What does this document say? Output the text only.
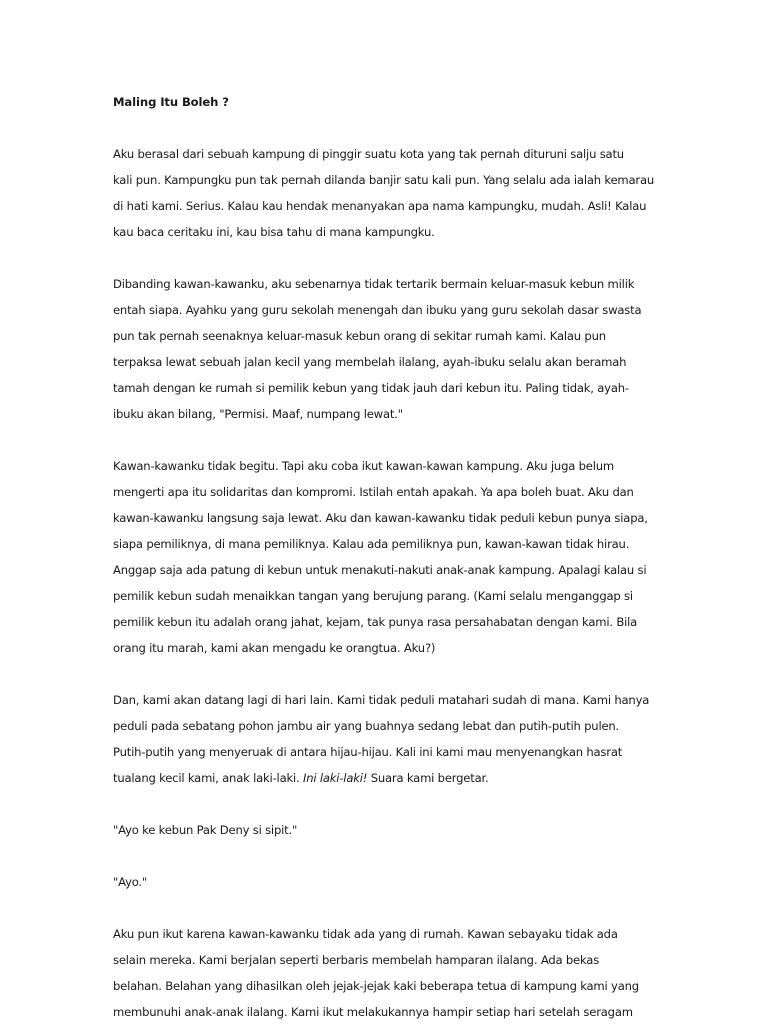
Maling Itu Boleh ?

Aku berasal dari sebuah kampung di pinggir suatu kota yang tak pernah dituruni salju satu
kali pun. Kampungku pun tak pernah dilanda banjir satu kali pun. Yang selalu ada ialah kemarau
di hati kami. Serius. Kalau kau hendak menanyakan apa nama kampungku, mudah. Asli! Kalau
kau baca ceritaku ini, kau bisa tahu di mana kampungku.

Dibanding kawan-kawanku, aku sebenarnya tidak tertarik bermain keluar-masuk kebun milik
entah siapa. Ayahku yang guru sekolah menengah dan ibuku yang guru sekolah dasar swasta
pun tak pernah seenaknya keluar-masuk kebun orang di sekitar rumah kami. Kalau pun
terpaksa lewat sebuah jalan kecil yang membelah ilalang, ayah-ibuku selalu akan beramah
tamah dengan ke rumah si pemilik kebun yang tidak jauh dari kebun itu. Paling tidak, ayah-
ibuku akan bilang, "Permisi. Maaf, numpang lewat."

Kawan-kawanku tidak begitu. Tapi aku coba ikut kawan-kawan kampung. Aku juga belum
mengerti apa itu solidaritas dan kompromi. Istilah entah apakah. Ya apa boleh buat. Aku dan
kawan-kawanku langsung saja lewat. Aku dan kawan-kawanku tidak peduli kebun punya siapa,
siapa pemiliknya, di mana pemiliknya. Kalau ada pemiliknya pun, kawan-kawan tidak hirau.
Anggap saja ada patung di kebun untuk menakuti-nakuti anak-anak kampung. Apalagi kalau si
pemilik kebun sudah menaikkan tangan yang berujung parang. (Kami selalu menganggap si
pemilik kebun itu adalah orang jahat, kejam, tak punya rasa persahabatan dengan kami. Bila
orang itu marah, kami akan mengadu ke orangtua. Aku?)

Dan, kami akan datang lagi di hari lain. Kami tidak peduli matahari sudah di mana. Kami hanya
peduli pada sebatang pohon jambu air yang buahnya sedang lebat dan putih-putih pulen.
Putih-putih yang menyeruak di antara hijau-hijau. Kali ini kami mau menyenangkan hasrat
tualang kecil kami, anak laki-laki. Ini laki-laki! Suara kami bergetar.

"Ayo ke kebun Pak Deny si sipit."

"Ayo."

Aku pun ikut karena kawan-kawanku tidak ada yang di rumah. Kawan sebayaku tidak ada
selain mereka. Kami berjalan seperti berbaris membelah hamparan ilalang. Ada bekas
belahan. Belahan yang dihasilkan oleh jejak-jejak kaki beberapa tetua di kampung kami yang
membunuhi anak-anak ilalang. Kami ikut melakukannya hampir setiap hari setelah seragam
